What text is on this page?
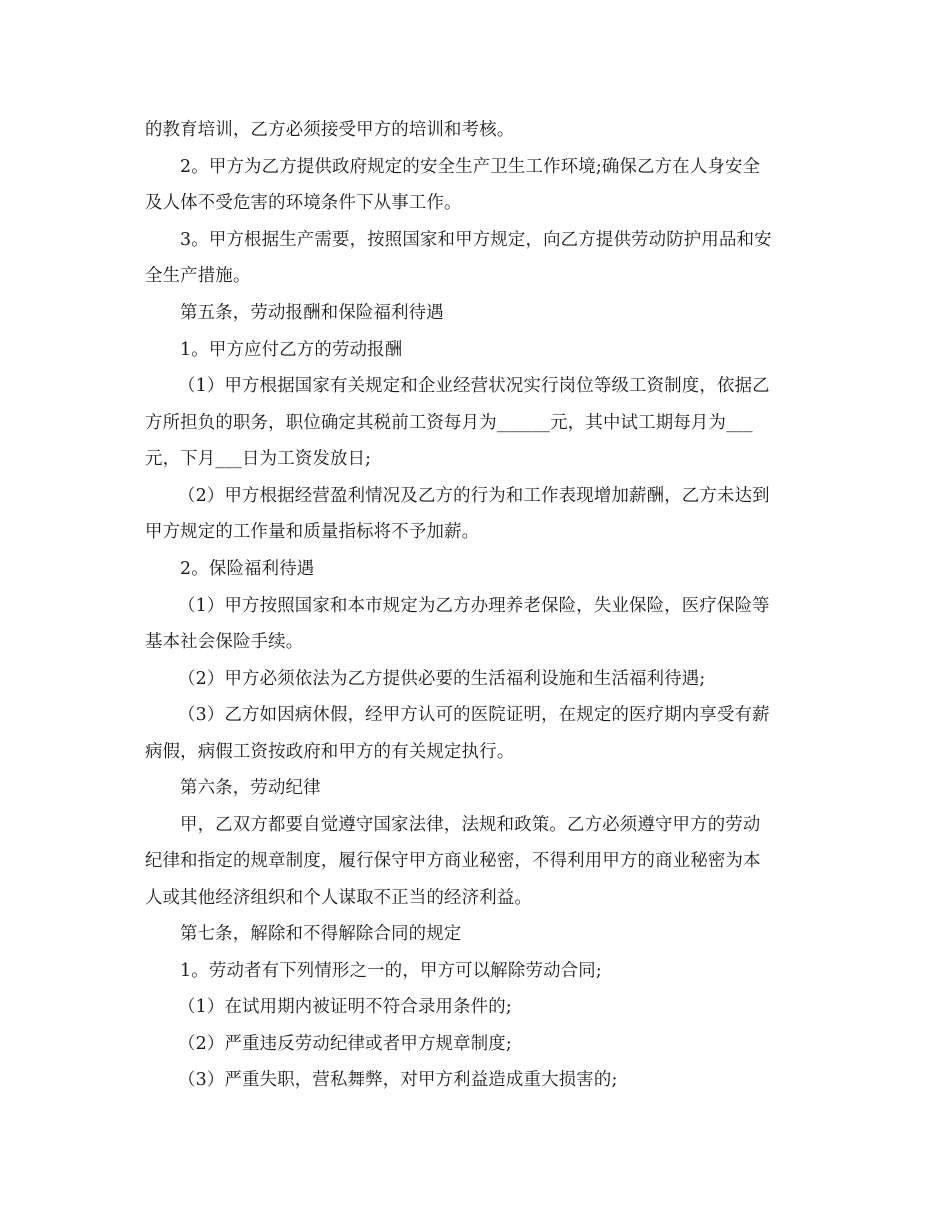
的教育培训，乙方必须接受甲方的培训和考核。
2。甲方为乙方提供政府规定的安全生产卫生工作环境;确保乙方在人身安全
及人体不受危害的环境条件下从事工作。
3。甲方根据生产需要，按照国家和甲方规定，向乙方提供劳动防护用品和安
全生产措施。
第五条，劳动报酬和保险福利待遇
1。甲方应付乙方的劳动报酬
（1）甲方根据国家有关规定和企业经营状况实行岗位等级工资制度，依据乙
方所担负的职务，职位确定其税前工资每月为______元，其中试工期每月为___
元，下月___日为工资发放日;
（2）甲方根据经营盈利情况及乙方的行为和工作表现增加薪酬，乙方未达到
甲方规定的工作量和质量指标将不予加薪。
2。保险福利待遇
（1）甲方按照国家和本市规定为乙方办理养老保险，失业保险，医疗保险等
基本社会保险手续。
（2）甲方必须依法为乙方提供必要的生活福利设施和生活福利待遇;
（3）乙方如因病休假，经甲方认可的医院证明，在规定的医疗期内享受有薪
病假，病假工资按政府和甲方的有关规定执行。
第六条，劳动纪律
甲，乙双方都要自觉遵守国家法律，法规和政策。乙方必须遵守甲方的劳动
纪律和指定的规章制度，履行保守甲方商业秘密，不得利用甲方的商业秘密为本
人或其他经济组织和个人谋取不正当的经济利益。
第七条，解除和不得解除合同的规定
1。劳动者有下列情形之一的，甲方可以解除劳动合同;
（1）在试用期内被证明不符合录用条件的;
（2）严重违反劳动纪律或者甲方规章制度;
（3）严重失职，营私舞弊，对甲方利益造成重大损害的;
